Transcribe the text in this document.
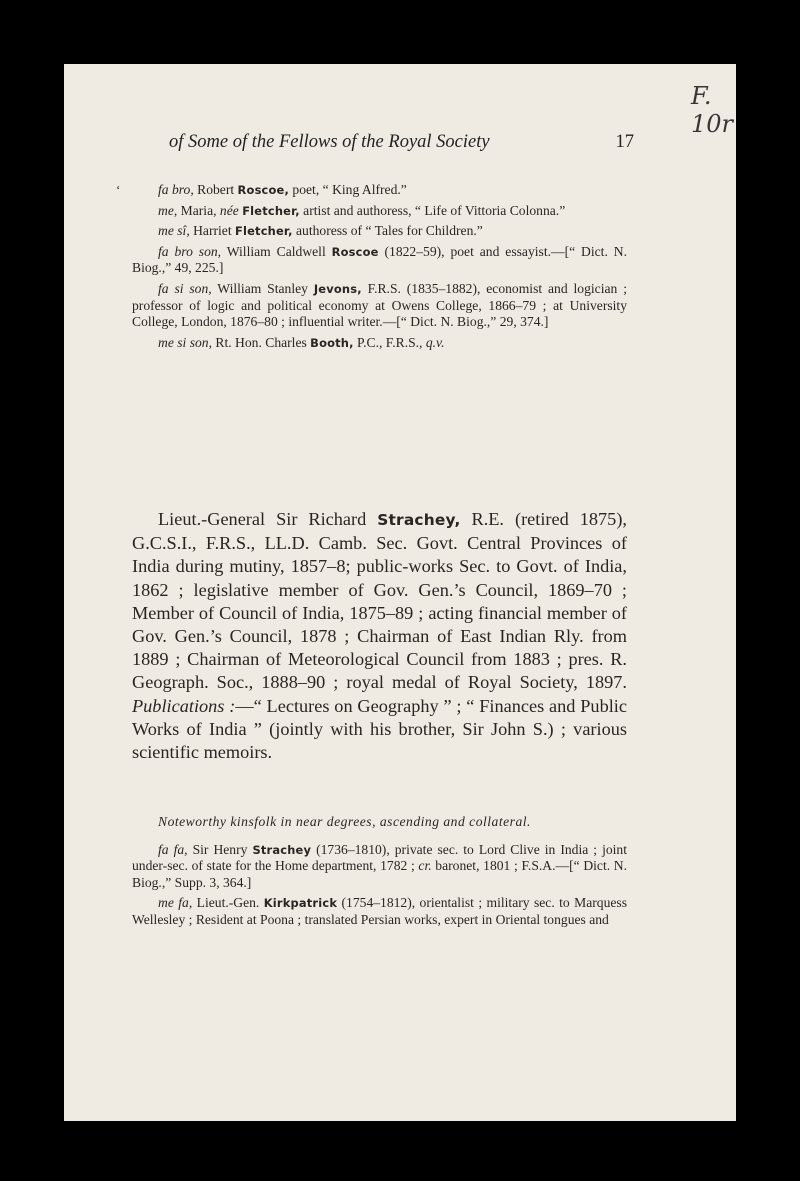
F. 10r
of Some of the Fellows of the Royal Society	17
‘	fa bro, Robert Roscoe, poet, “ King Alfred.”

me, Maria, née Fletcher, artist and authoress, “ Life of Vittoria Colonna.”

me sî, Harriet Fletcher, authoress of “ Tales for Children.”

fa bro son, William Caldwell Roscoe (1822–59), poet and essayist.—[“ Dict. N. Biog.,” 49, 225.]

fa si son, William Stanley Jevons, F.R.S. (1835–1882), economist and logician ; professor of logic and political economy at Owens College, 1866–79 ; at University College, London, 1876–80 ; influential writer.—[“ Dict. N. Biog.,” 29, 374.]

me si son, Rt. Hon. Charles Booth, P.C., F.R.S., q.v.

Lieut.-General Sir Richard Strachey, R.E. (retired 1875), G.C.S.I., F.R.S., LL.D. Camb. Sec. Govt. Central Provinces of India during mutiny, 1857–8; public-works Sec. to Govt. of India, 1862 ; legislative member of Gov. Gen.’s Council, 1869–70 ; Member of Council of India, 1875–89 ; acting financial member of Gov. Gen.’s Council, 1878 ; Chairman of East Indian Rly. from 1889 ; Chairman of Meteorological Council from 1883 ; pres. R. Geograph. Soc., 1888–90 ; royal medal of Royal Society, 1897. Publications :—“ Lectures on Geography ” ; “ Finances and Public Works of India ” (jointly with his brother, Sir John S.) ; various scientific memoirs.

Noteworthy kinsfolk in near degrees, ascending and collateral.

fa fa, Sir Henry Strachey (1736–1810), private sec. to Lord Clive in India ; joint under-sec. of state for the Home department, 1782 ; cr. baronet, 1801 ; F.S.A.—[“ Dict. N. Biog.,” Supp. 3, 364.]

me fa, Lieut.-Gen. Kirkpatrick (1754–1812), orientalist ; military sec. to Marquess Wellesley ; Resident at Poona ; translated Persian works, expert in Oriental tongues and
